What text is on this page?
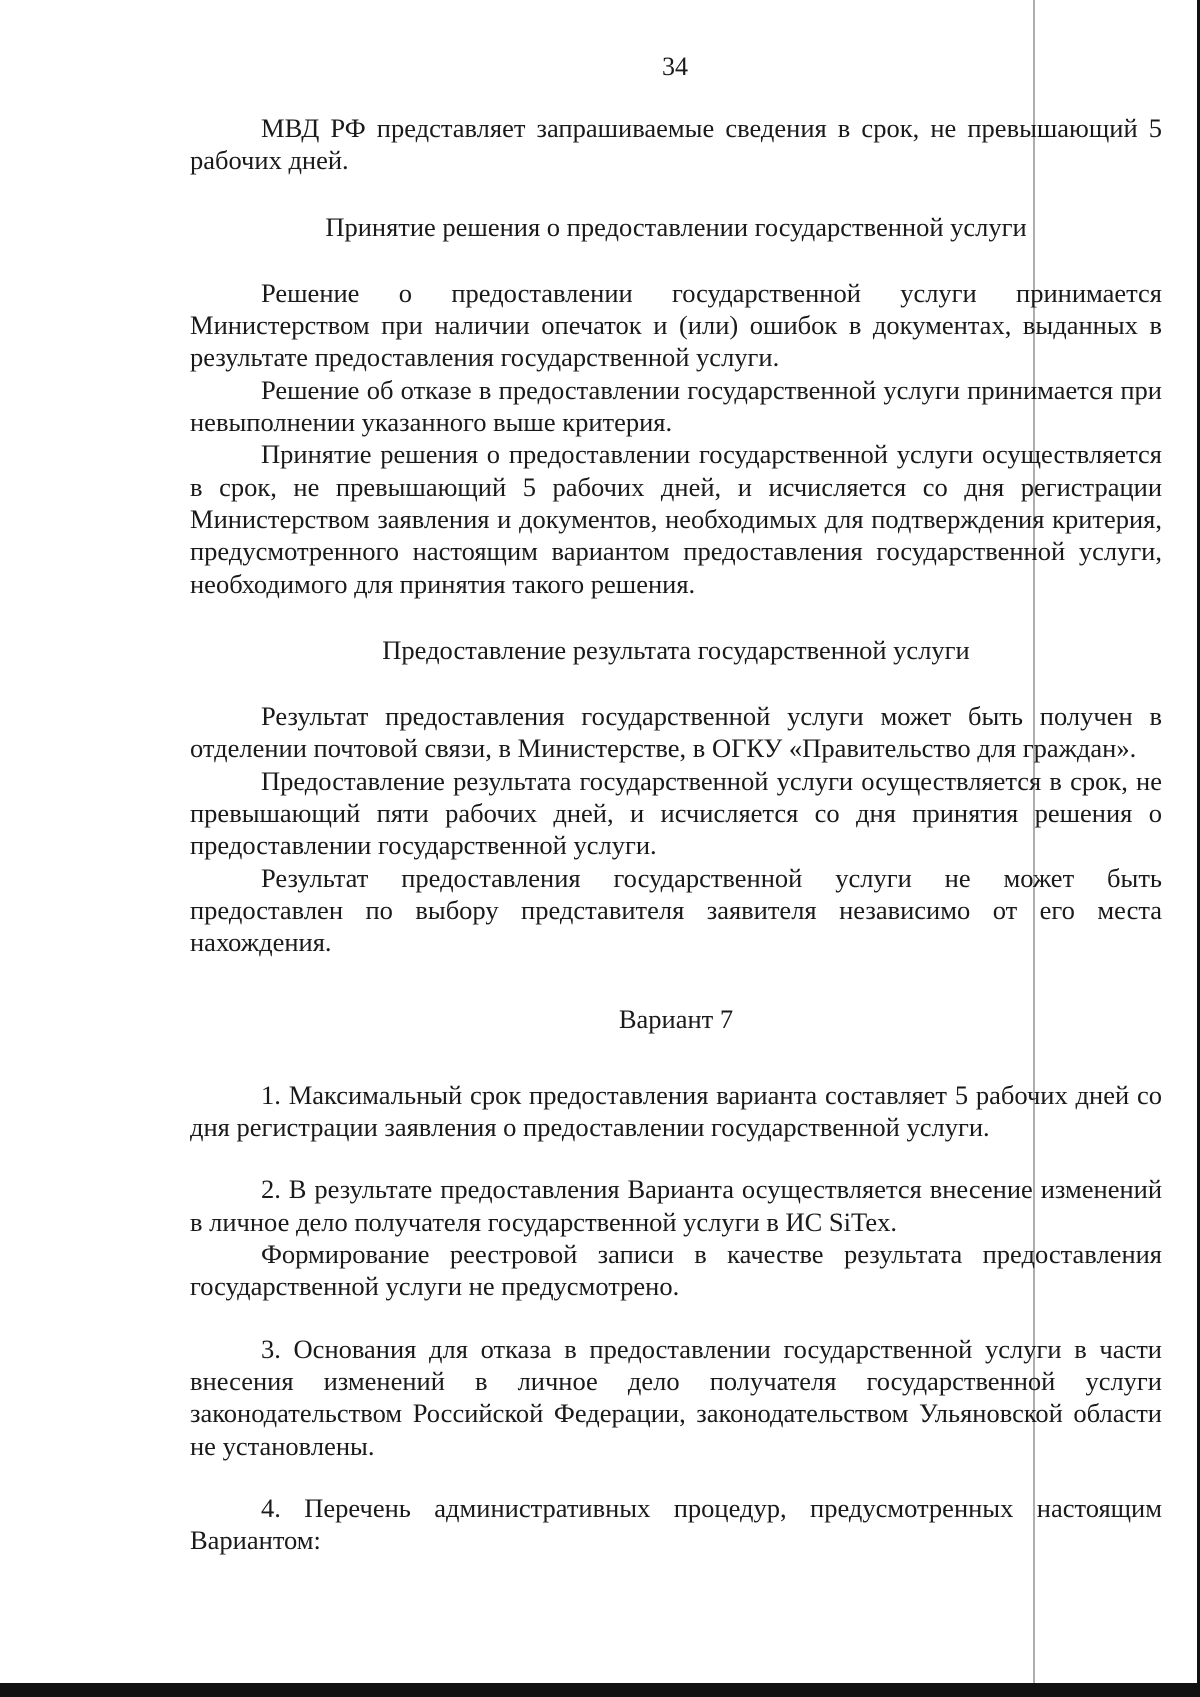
34

МВД РФ представляет запрашиваемые сведения в срок, не превышающий 5 рабочих дней.

Принятие решения о предоставлении государственной услуги

Решение о предоставлении государственной услуги принимается Министерством при наличии опечаток и (или) ошибок в документах, выданных в результате предоставления государственной услуги.

Решение об отказе в предоставлении государственной услуги принимается при невыполнении указанного выше критерия.

Принятие решения о предоставлении государственной услуги осуществляется в срок, не превышающий 5 рабочих дней, и исчисляется со дня регистрации Министерством заявления и документов, необходимых для подтверждения критерия, предусмотренного настоящим вариантом предоставления государственной услуги, необходимого для принятия такого решения.

Предоставление результата государственной услуги

Результат предоставления государственной услуги может быть получен в отделении почтовой связи, в Министерстве, в ОГКУ «Правительство для граждан».

Предоставление результата государственной услуги осуществляется в срок, не превышающий пяти рабочих дней, и исчисляется со дня принятия решения о предоставлении государственной услуги.

Результат предоставления государственной услуги не может быть предоставлен по выбору представителя заявителя независимо от его места нахождения.

Вариант 7

1. Максимальный срок предоставления варианта составляет 5 рабочих дней со дня регистрации заявления о предоставлении государственной услуги.

2. В результате предоставления Варианта осуществляется внесение изменений в личное дело получателя государственной услуги в ИС SiTex.

Формирование реестровой записи в качестве результата предоставления государственной услуги не предусмотрено.

3. Основания для отказа в предоставлении государственной услуги в части внесения изменений в личное дело получателя государственной услуги законодательством Российской Федерации, законодательством Ульяновской области не установлены.

4. Перечень административных процедур, предусмотренных настоящим Вариантом:
